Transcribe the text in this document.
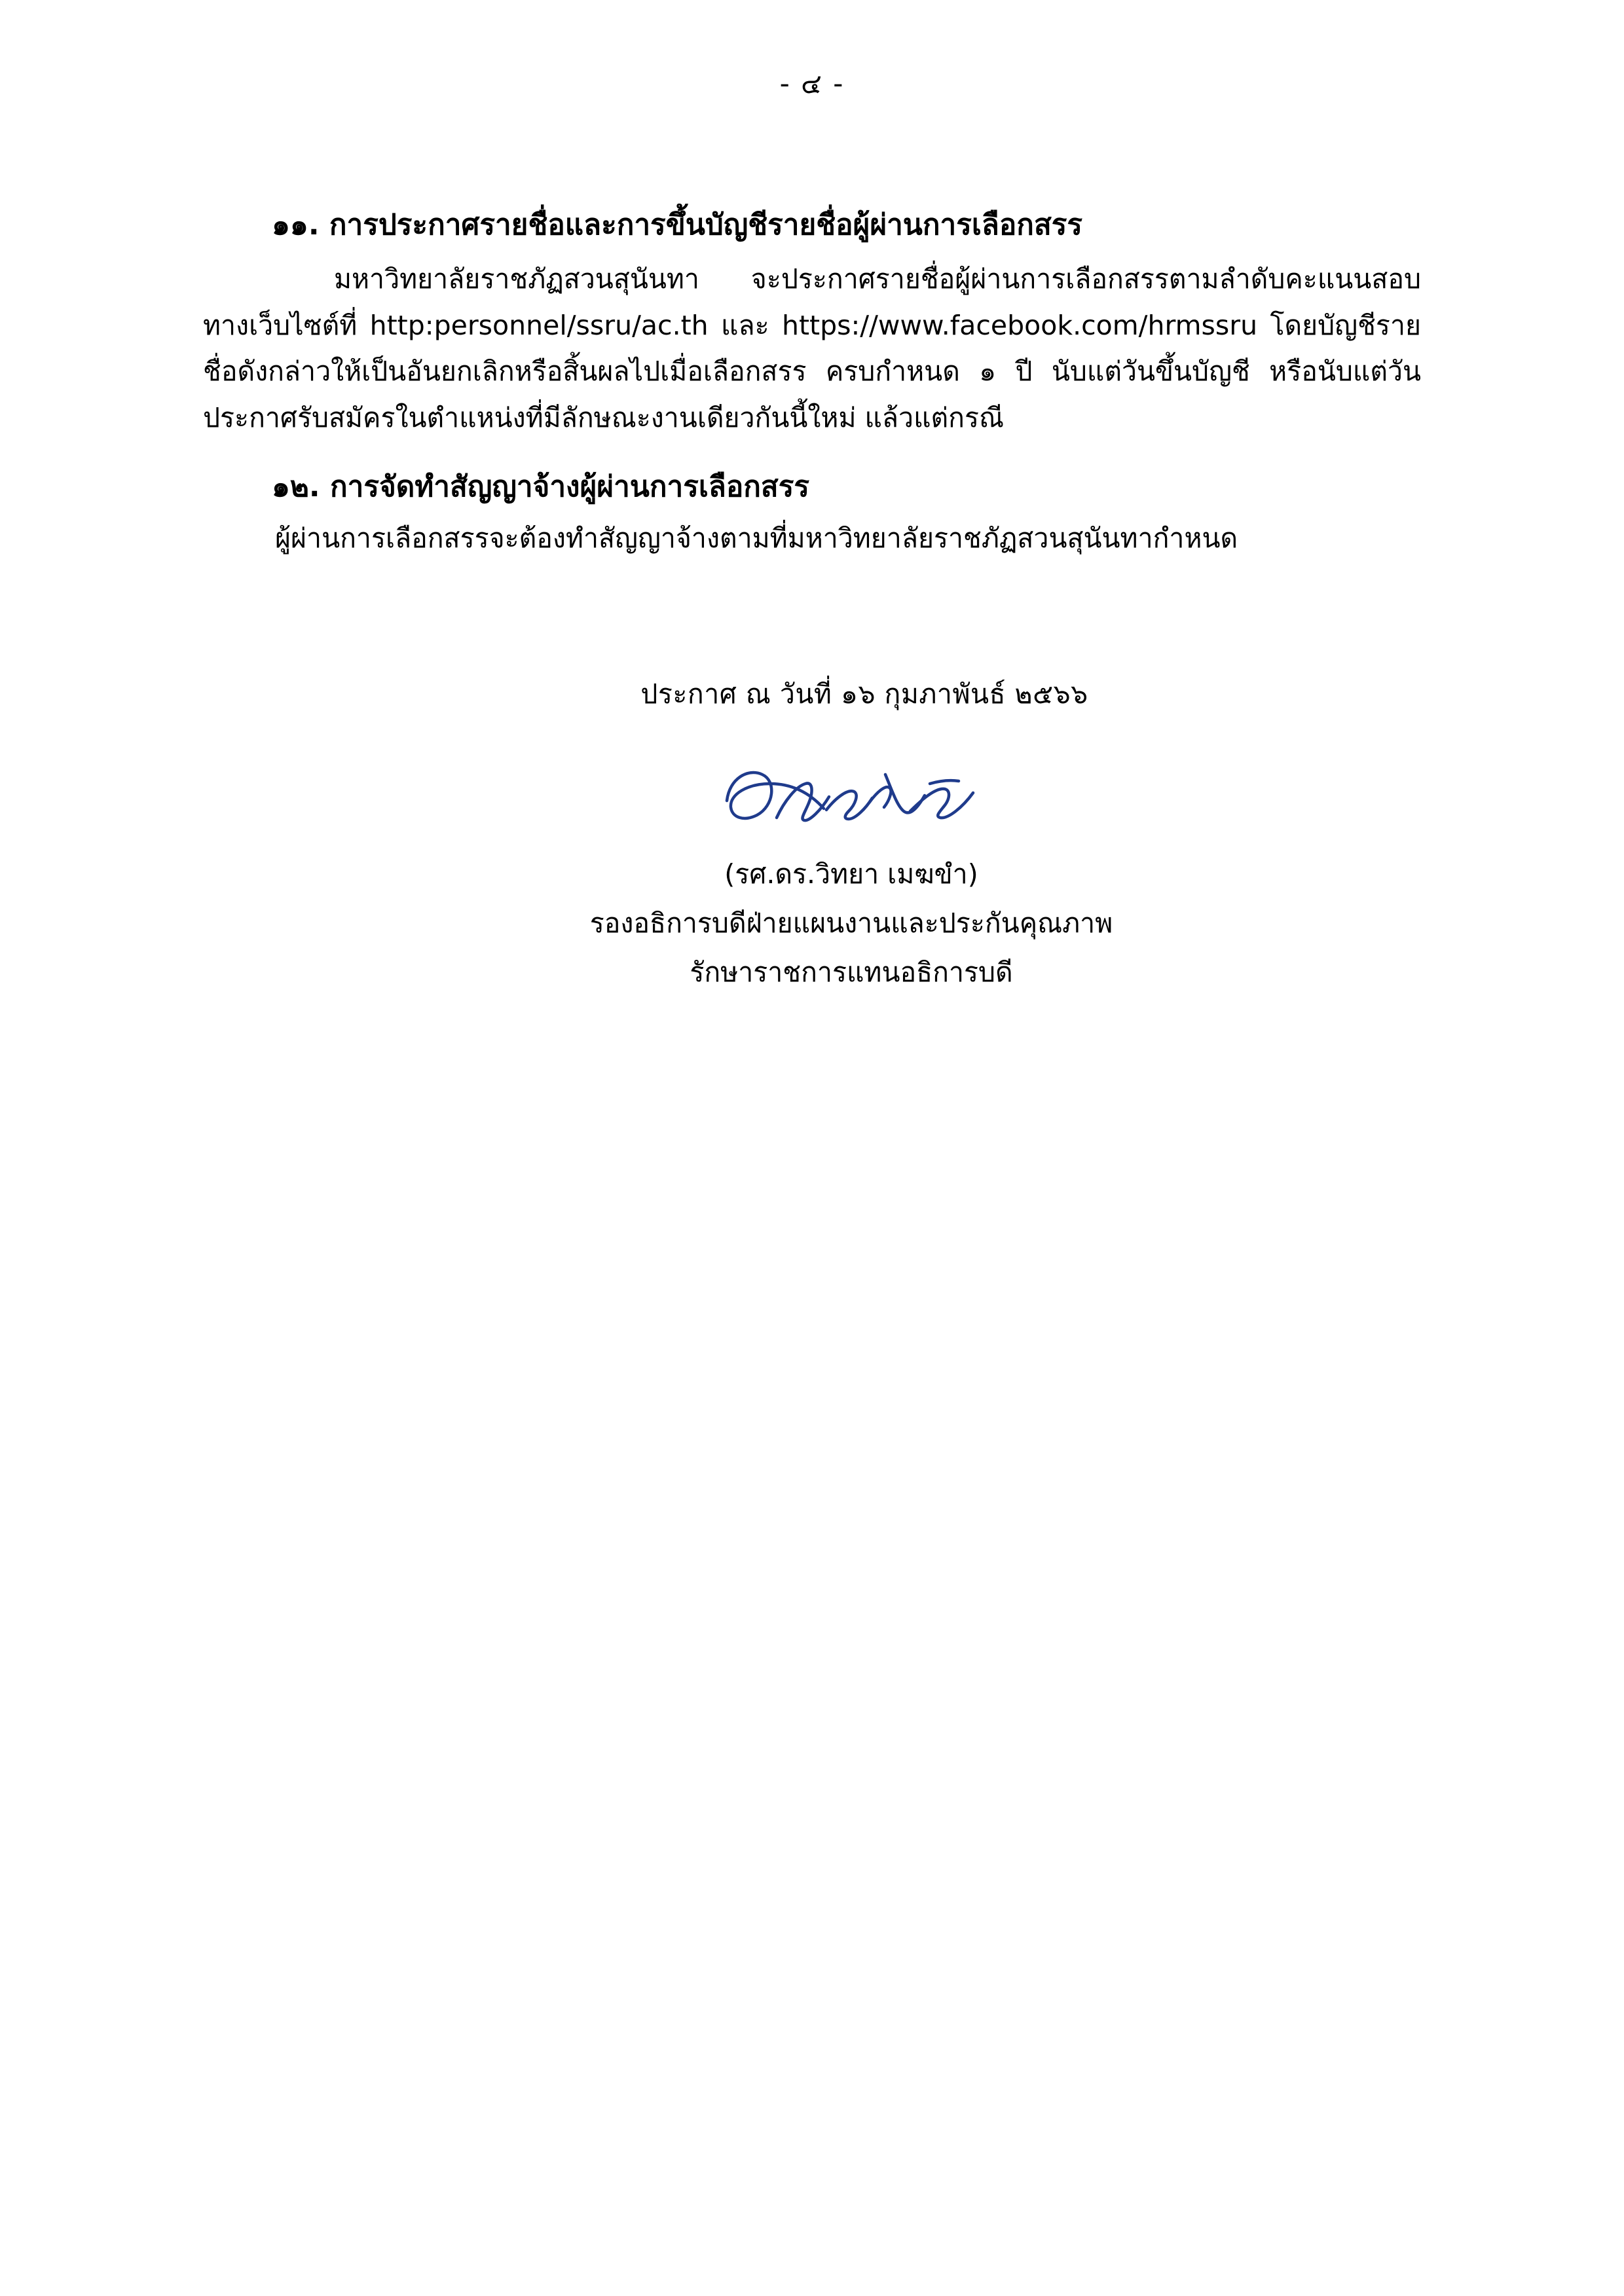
- ๔ -
๑๑. การประกาศรายชื่อและการขึ้นบัญชีรายชื่อผู้ผ่านการเลือกสรร

มหาวิทยาลัยราชภัฏสวนสุนันทา จะประกาศรายชื่อผู้ผ่านการเลือกสรรตามลำดับคะแนนสอบทางเว็บไซต์ที่ http:personnel/ssru/ac.th และ https://www.facebook.com/hrmssru โดยบัญชีรายชื่อดังกล่าวให้เป็นอันยกเลิกหรือสิ้นผลไปเมื่อเลือกสรร ครบกำหนด ๑ ปี นับแต่วันขึ้นบัญชี หรือนับแต่วันประกาศรับสมัครในตำแหน่งที่มีลักษณะงานเดียวกันนี้ใหม่ แล้วแต่กรณี

๑๒. การจัดทำสัญญาจ้างผู้ผ่านการเลือกสรร

ผู้ผ่านการเลือกสรรจะต้องทำสัญญาจ้างตามที่มหาวิทยาลัยราชภัฏสวนสุนันทากำหนด

ประกาศ ณ วันที่ ๑๖ กุมภาพันธ์ ๒๕๖๖
(รศ.ดร.วิทยา เมฆขำ)
รองอธิการบดีฝ่ายแผนงานและประกันคุณภาพ
รักษาราชการแทนอธิการบดี
